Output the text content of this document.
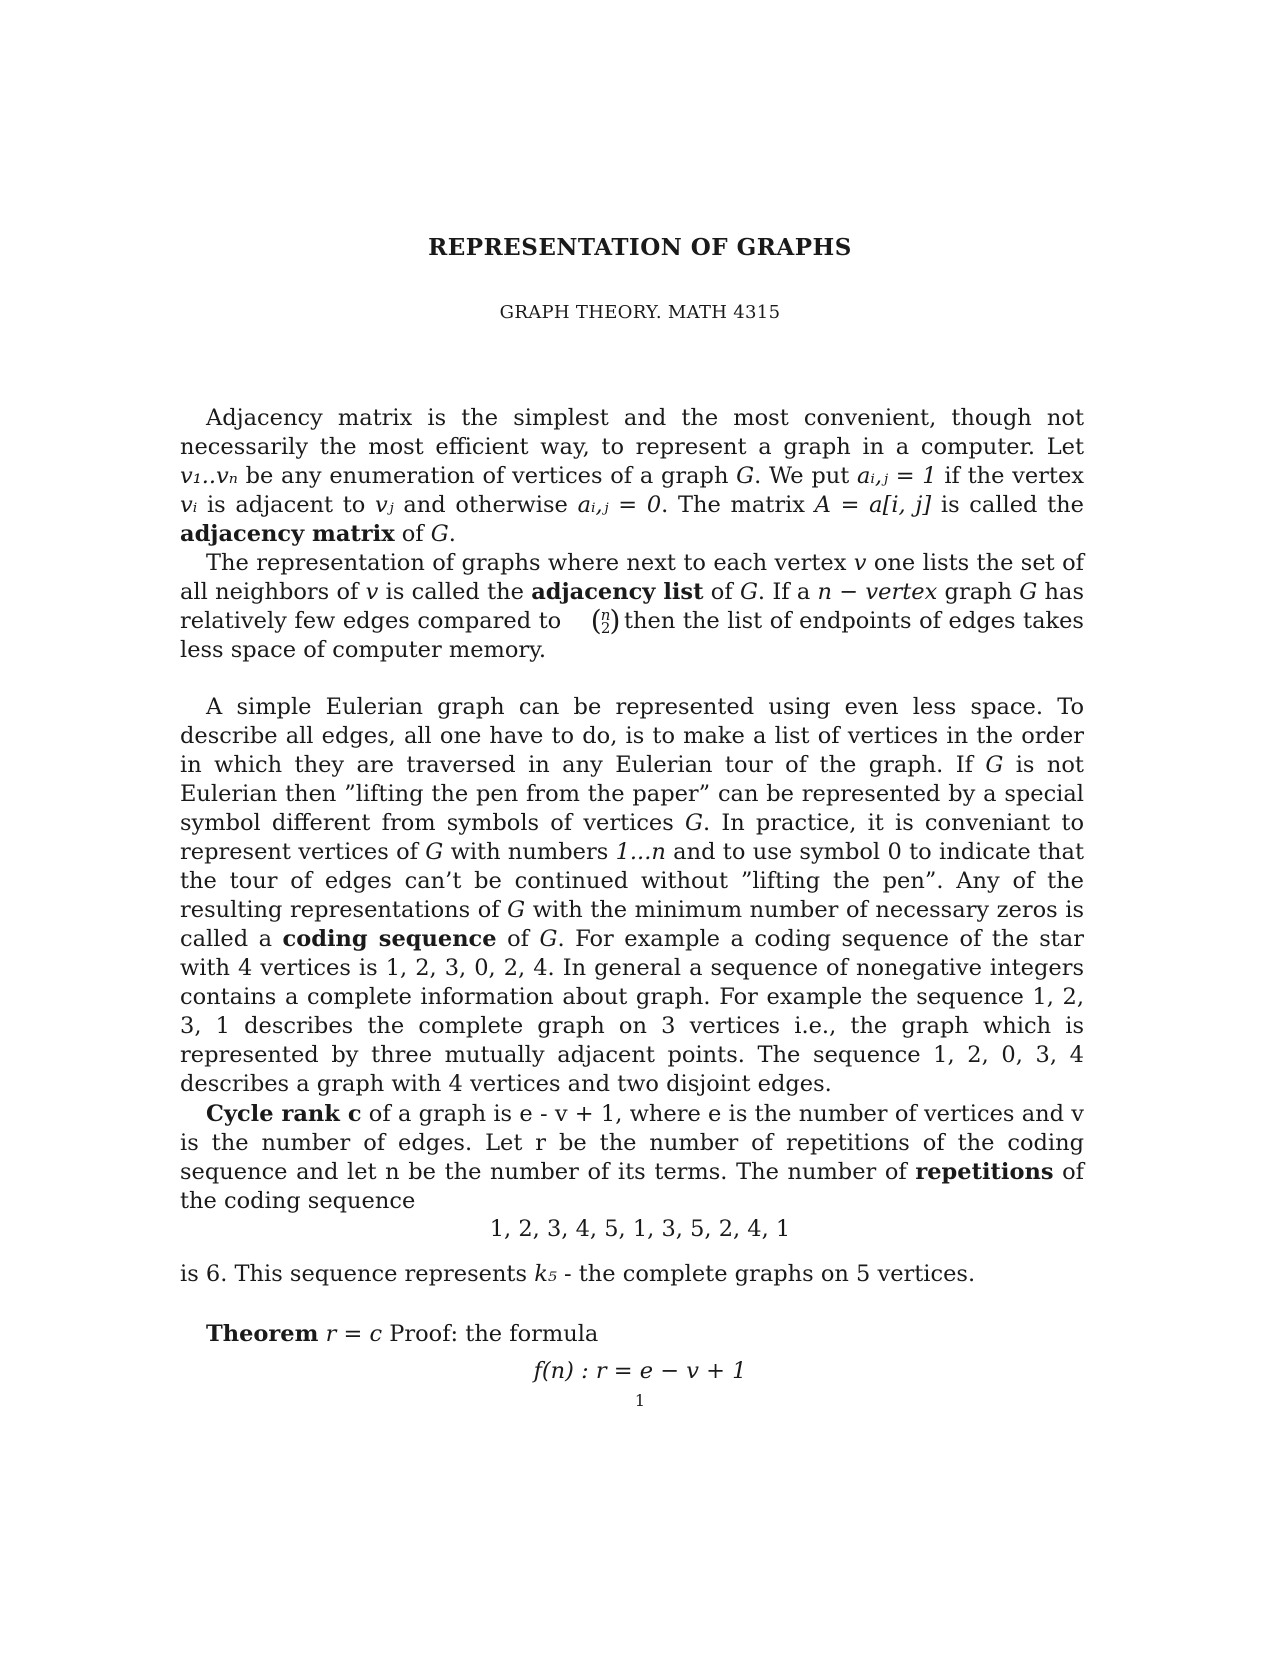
REPRESENTATION OF GRAPHS
GRAPH THEORY. MATH 4315

Adjacency matrix is the simplest and the most convenient, though not necessarily the most efficient way, to represent a graph in a computer. Let v₁..vₙ be any enumeration of vertices of a graph G. We put aᵢ,ⱼ = 1 if the vertex vᵢ is adjacent to vⱼ and otherwise aᵢ,ⱼ = 0. The matrix A = a[i, j] is called the adjacency matrix of G.

The representation of graphs where next to each vertex v one lists the set of all neighbors of v is called the adjacency list of G. If a n − vertex graph G has relatively few edges compared to
(	n
2
) then the list of endpoints of edges takes less space of computer memory.

A simple Eulerian graph can be represented using even less space. To describe all edges, all one have to do, is to make a list of vertices in the order in which they are traversed in any Eulerian tour of the graph. If G is not Eulerian then ”lifting the pen from the paper” can be represented by a special symbol different from symbols of vertices G. In practice, it is conveniant to represent vertices of G with numbers 1...n and to use symbol 0 to indicate that the tour of edges can’t be continued without ”lifting the pen”. Any of the resulting representations of G with the minimum number of necessary zeros is called a coding sequence of G. For example a coding sequence of the star with 4 vertices is 1, 2, 3, 0, 2, 4. In general a sequence of nonegative integers contains a complete information about graph. For example the sequence 1, 2, 3, 1 describes the complete graph on 3 vertices i.e., the graph which is represented by three mutually adjacent points. The sequence 1, 2, 0, 3, 4 describes a graph with 4 vertices and two disjoint edges.

Cycle rank c of a graph is e - v + 1, where e is the number of vertices and v is the number of edges. Let r be the number of repetitions of the coding sequence and let n be the number of its terms. The number of repetitions of the coding sequence

1, 2, 3, 4, 5, 1, 3, 5, 2, 4, 1

is 6. This sequence represents k₅ - the complete graphs on 5 vertices.

Theorem r = c Proof: the formula

f(n) : r = e − v + 1
1
